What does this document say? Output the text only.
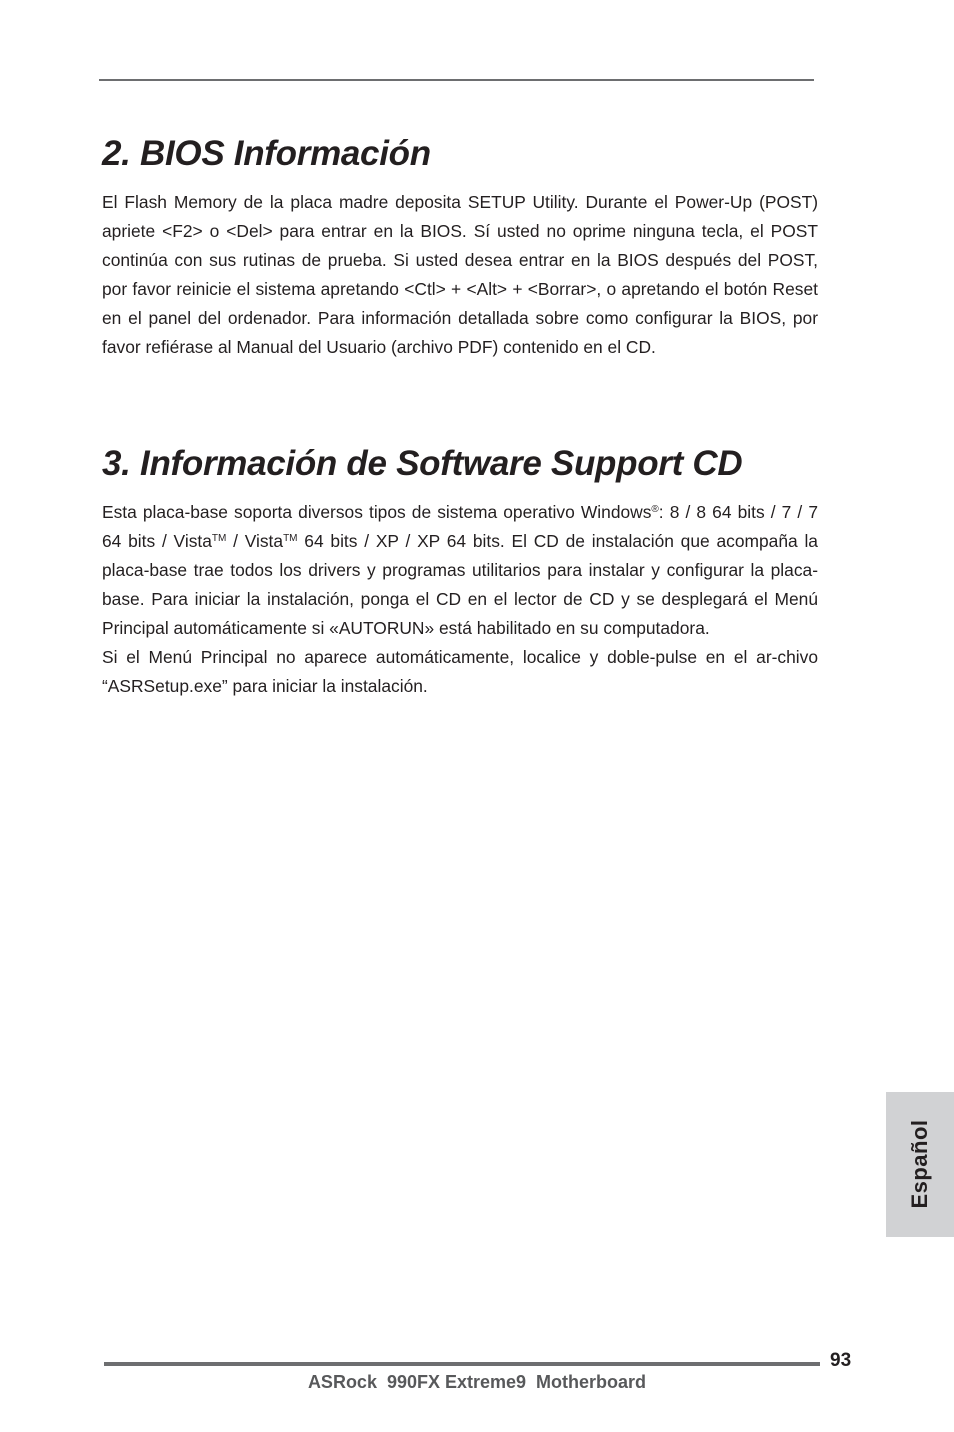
2. BIOS Información

El Flash Memory de la placa madre deposita SETUP Utility. Durante el Power-Up (POST) apriete <F2> o <Del> para entrar en la BIOS. Sí usted no oprime ninguna tecla, el POST continúa con sus rutinas de prueba. Si usted desea entrar en la BIOS después del POST, por favor reinicie el sistema apretando <Ctl> + <Alt> + <Borrar>, o apretando el botón Reset en el panel del ordenador. Para información detallada sobre como configurar la BIOS, por favor refiérase al Manual del Usuario (archivo PDF) contenido en el CD.

3. Información de Software Support CD

Esta placa-base soporta diversos tipos de sistema operativo Windows®: 8 / 8 64 bits / 7 / 7 64 bits / Vista™ / Vista™ 64 bits / XP / XP 64 bits. El CD de instalación que acompaña la placa-base trae todos los drivers y programas utilitarios para instalar y configurar la placa-base. Para iniciar la instalación, ponga el CD en el lector de CD y se desplegará el Menú Principal automáticamente si «AUTORUN» está habilitado en su computadora.

Si el Menú Principal no aparece automáticamente, localice y doble-pulse en el ar-chivo “ASRSetup.exe” para iniciar la instalación.

Español
93
ASRock  990FX Extreme9  Motherboard
